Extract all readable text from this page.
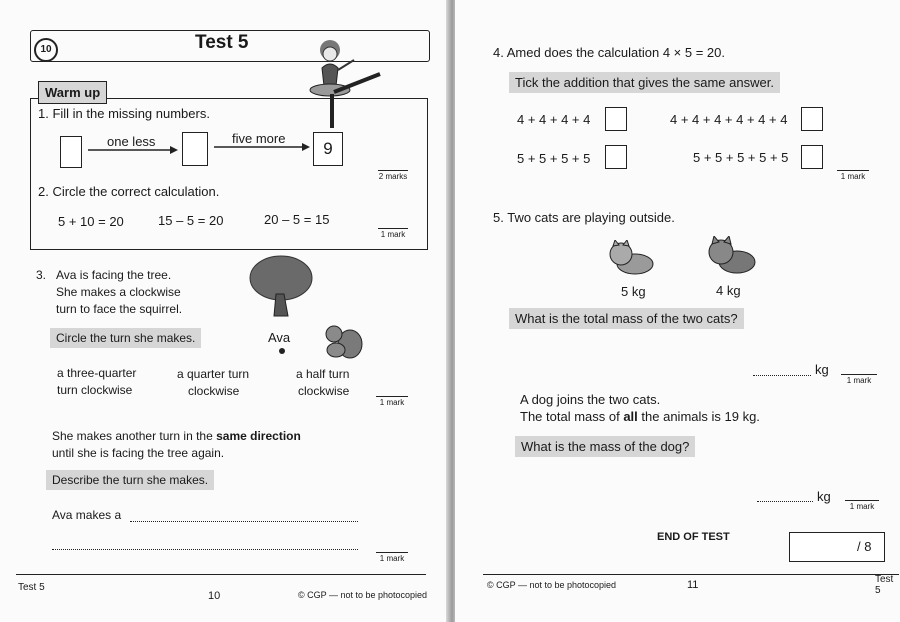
10	Test 5
Warm up
1. Fill in the missing numbers.
one less	five more
9
2 marks
2. Circle the correct calculation.
5 + 10 = 20	15 – 5 = 20	20 – 5 = 15
1 mark
3. Ava is facing the tree.
She makes a clockwise
turn to face the squirrel.
Circle the turn she makes.	Ava
a three-quarter
turn clockwise
a quarter turn
clockwise
a half turn
clockwise
1 mark
She makes another turn in the same direction
until she is facing the tree again.
Describe the turn she makes.
Ava makes a
1 mark
Test 5
10	© CGP — not to be photocopied
4. Amed does the calculation 4 × 5 = 20.
Tick the addition that gives the same answer.
4 + 4 + 4 + 4	4 + 4 + 4 + 4 + 4 + 4
5 + 5 + 5 + 5	5 + 5 + 5 + 5 + 5
1 mark
5. Two cats are playing outside.
5 kg	4 kg
What is the total mass of the two cats?
kg
1 mark
A dog joins the two cats.
The total mass of all the animals is 19 kg.
What is the mass of the dog?
kg
1 mark
END OF TEST
/ 8
© CGP — not to be photocopied	11	Test 5
